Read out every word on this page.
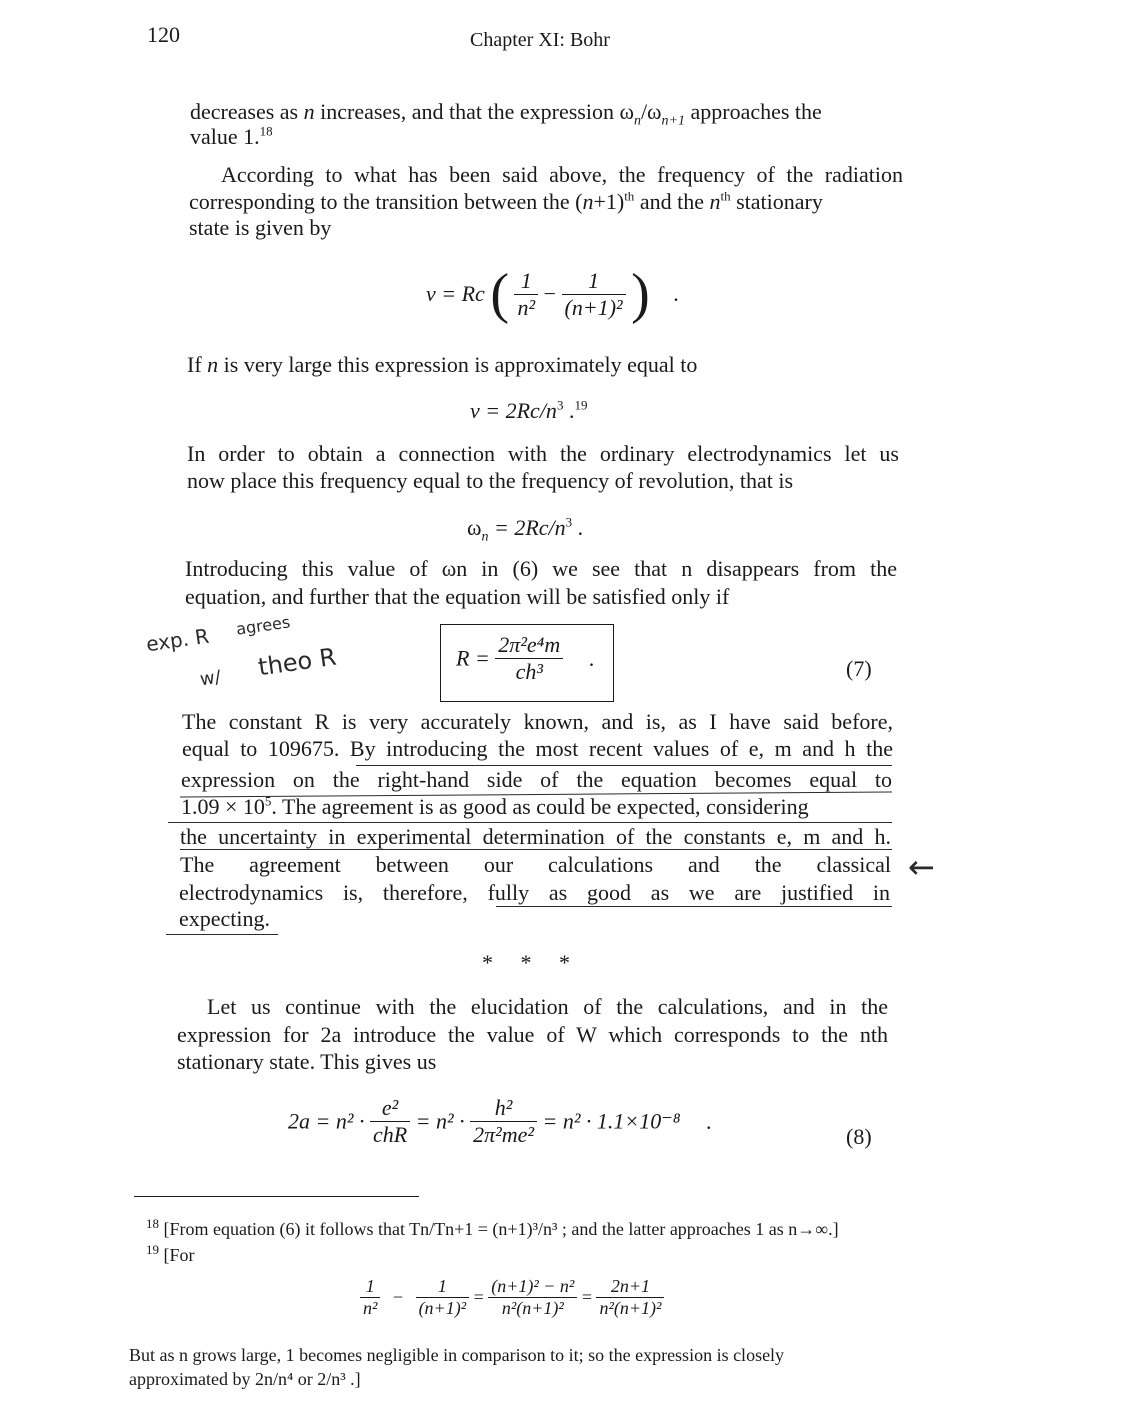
120	Chapter XI: Bohr
decreases as n increases, and that the expression $\omega_n/\omega_{n+1}$ approaches the
value 1.18
According to what has been said above, the frequency of the radiation
corresponding to the transition between the $(n+1)^{th}$ and the $n^{th}$ stationary
state is given by
ν = Rc ( $\frac{1}{\text{n²}} - \frac{1}{\text{(n+1)²}}$ ) .
If n is very large this expression is approximately equal to
$\nu = 2Rc/n^3$ .$^{19}$
In order to obtain a connection with the ordinary electrodynamics let us
now place this frequency equal to the frequency of revolution, that is
$\omega_n = 2Rc/n^3$ .
Introducing this value of ωn in (6) we see that n disappears from the
equation, and further that the equation will be satisfied only if
$R = \frac{\text{2π²e⁴m}}{\text{ch³}}$ .	(7)
exp. R agrees
w/ theo R
The constant R is very accurately known, and is, as I have said before,
equal to 109675. By introducing the most recent values of e, m and h the
expression on the right-hand side of the equation becomes equal to
$1.09 \times 10^5$. The agreement is as good as could be expected, considering
the uncertainty in experimental determination of the constants e, m and h.
The agreement between our calculations and the classical
electrodynamics is, therefore, fully as good as we are justified in
expecting.
←
*     *     *
Let us continue with the elucidation of the calculations, and in the
expression for 2a introduce the value of W which corresponds to the nth
stationary state. This gives us
$2a = n^2 \cdot \frac{\text{e²}}{\text{chR}} = n^2 \cdot \frac{\text{h²}}{\text{2π²me²}} = n^2 \cdot 1.1\times 10^{-8}$ .
(8)
$^{18}$ [From equation (6) it follows that Tn/Tn+1 = (n+1)³/n³ ; and the latter approaches 1 as n→∞.]
$^{19}$ [For
$\frac{1}{\text{n²}} - \frac{1}{\text{(n+1)²}} = \frac{\text{(n+1)² − n²}}{\text{n²(n+1)²}} = \frac{2n+1}{\text{n²(n+1)²}}$
But as n grows large, 1 becomes negligible in comparison to it; so the expression is closely
approximated by 2n/n⁴ or 2/n³ .]
